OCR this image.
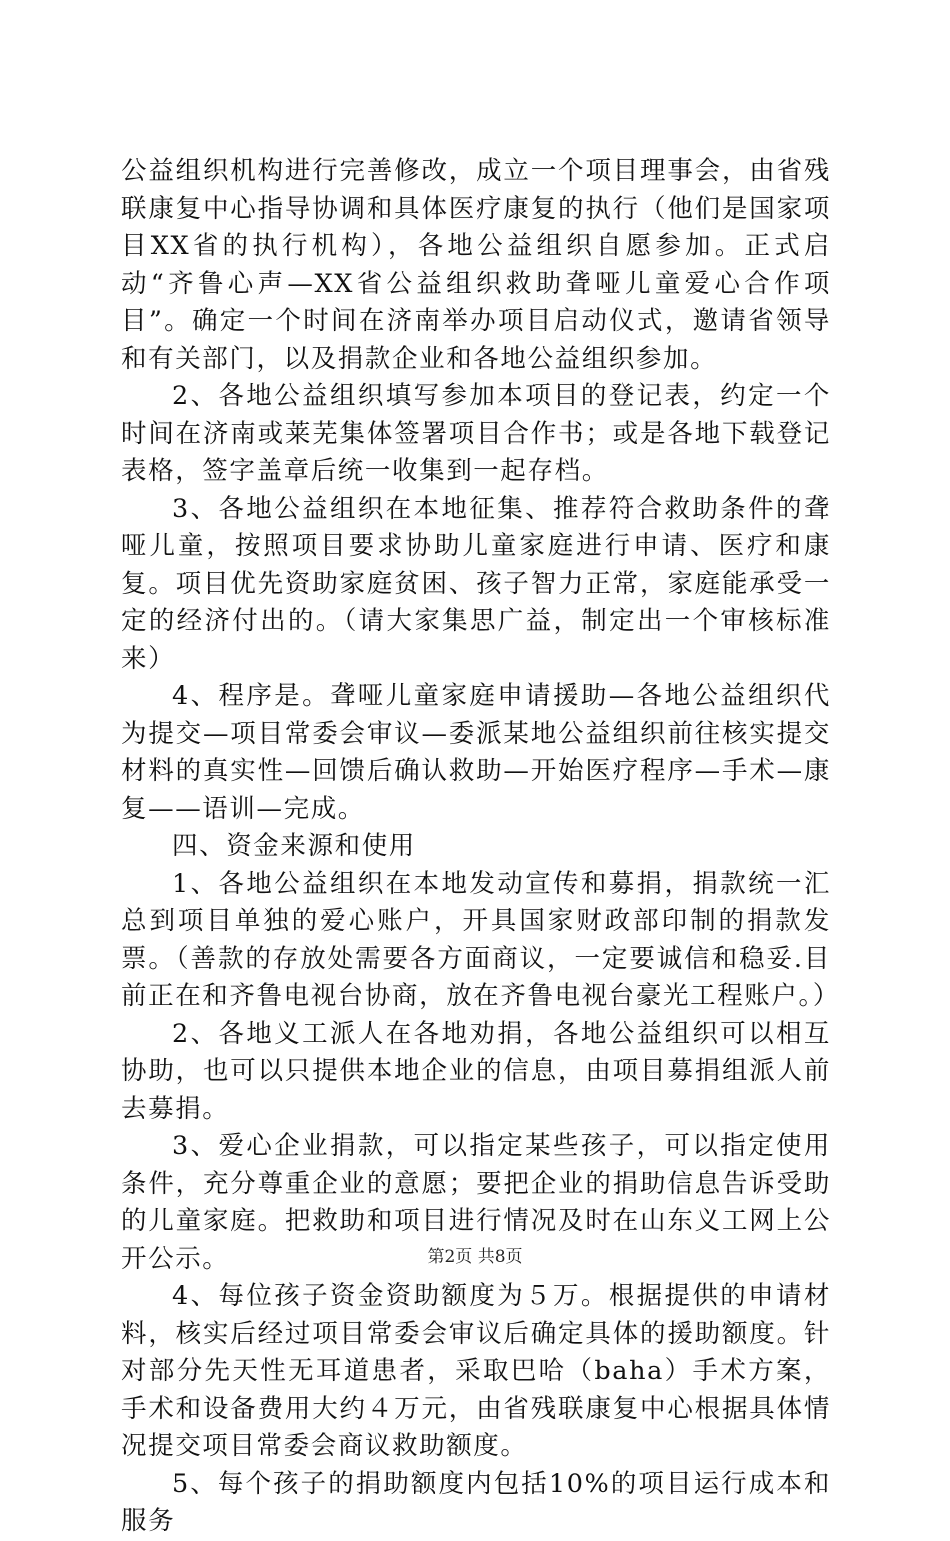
公益组织机构进行完善修改，成立一个项目理事会，由省残联康复中心指导协调和具体医疗康复的执行（他们是国家项目XX省的执行机构），各地公益组织自愿参加。正式启动“齐鲁心声—XX省公益组织救助聋哑儿童爱心合作项目”。确定一个时间在济南举办项目启动仪式，邀请省领导和有关部门，以及捐款企业和各地公益组织参加。

2、各地公益组织填写参加本项目的登记表，约定一个时间在济南或莱芜集体签署项目合作书；或是各地下载登记表格，签字盖章后统一收集到一起存档。

3、各地公益组织在本地征集、推荐符合救助条件的聋哑儿童，按照项目要求协助儿童家庭进行申请、医疗和康复。项目优先资助家庭贫困、孩子智力正常，家庭能承受一定的经济付出的。（请大家集思广益，制定出一个审核标准来）

4、程序是。聋哑儿童家庭申请援助—各地公益组织代为提交—项目常委会审议—委派某地公益组织前往核实提交材料的真实性—回馈后确认救助—开始医疗程序—手术—康复——语训—完成。

四、资金来源和使用

1、各地公益组织在本地发动宣传和募捐，捐款统一汇总到项目单独的爱心账户，开具国家财政部印制的捐款发票。（善款的存放处需要各方面商议，一定要诚信和稳妥.目前正在和齐鲁电视台协商，放在齐鲁电视台豪光工程账户。）

2、各地义工派人在各地劝捐，各地公益组织可以相互协助，也可以只提供本地企业的信息，由项目募捐组派人前去募捐。

3、爱心企业捐款，可以指定某些孩子，可以指定使用条件，充分尊重企业的意愿；要把企业的捐助信息告诉受助的儿童家庭。把救助和项目进行情况及时在山东义工网上公开公示。

4、每位孩子资金资助额度为５万。根据提供的申请材料，核实后经过项目常委会审议后确定具体的援助额度。针对部分先天性无耳道患者，采取巴哈（baha）手术方案，手术和设备费用大约４万元，由省残联康复中心根据具体情况提交项目常委会商议救助额度。

5、每个孩子的捐助额度内包括10%的项目运行成本和服务

第2页 共8页
